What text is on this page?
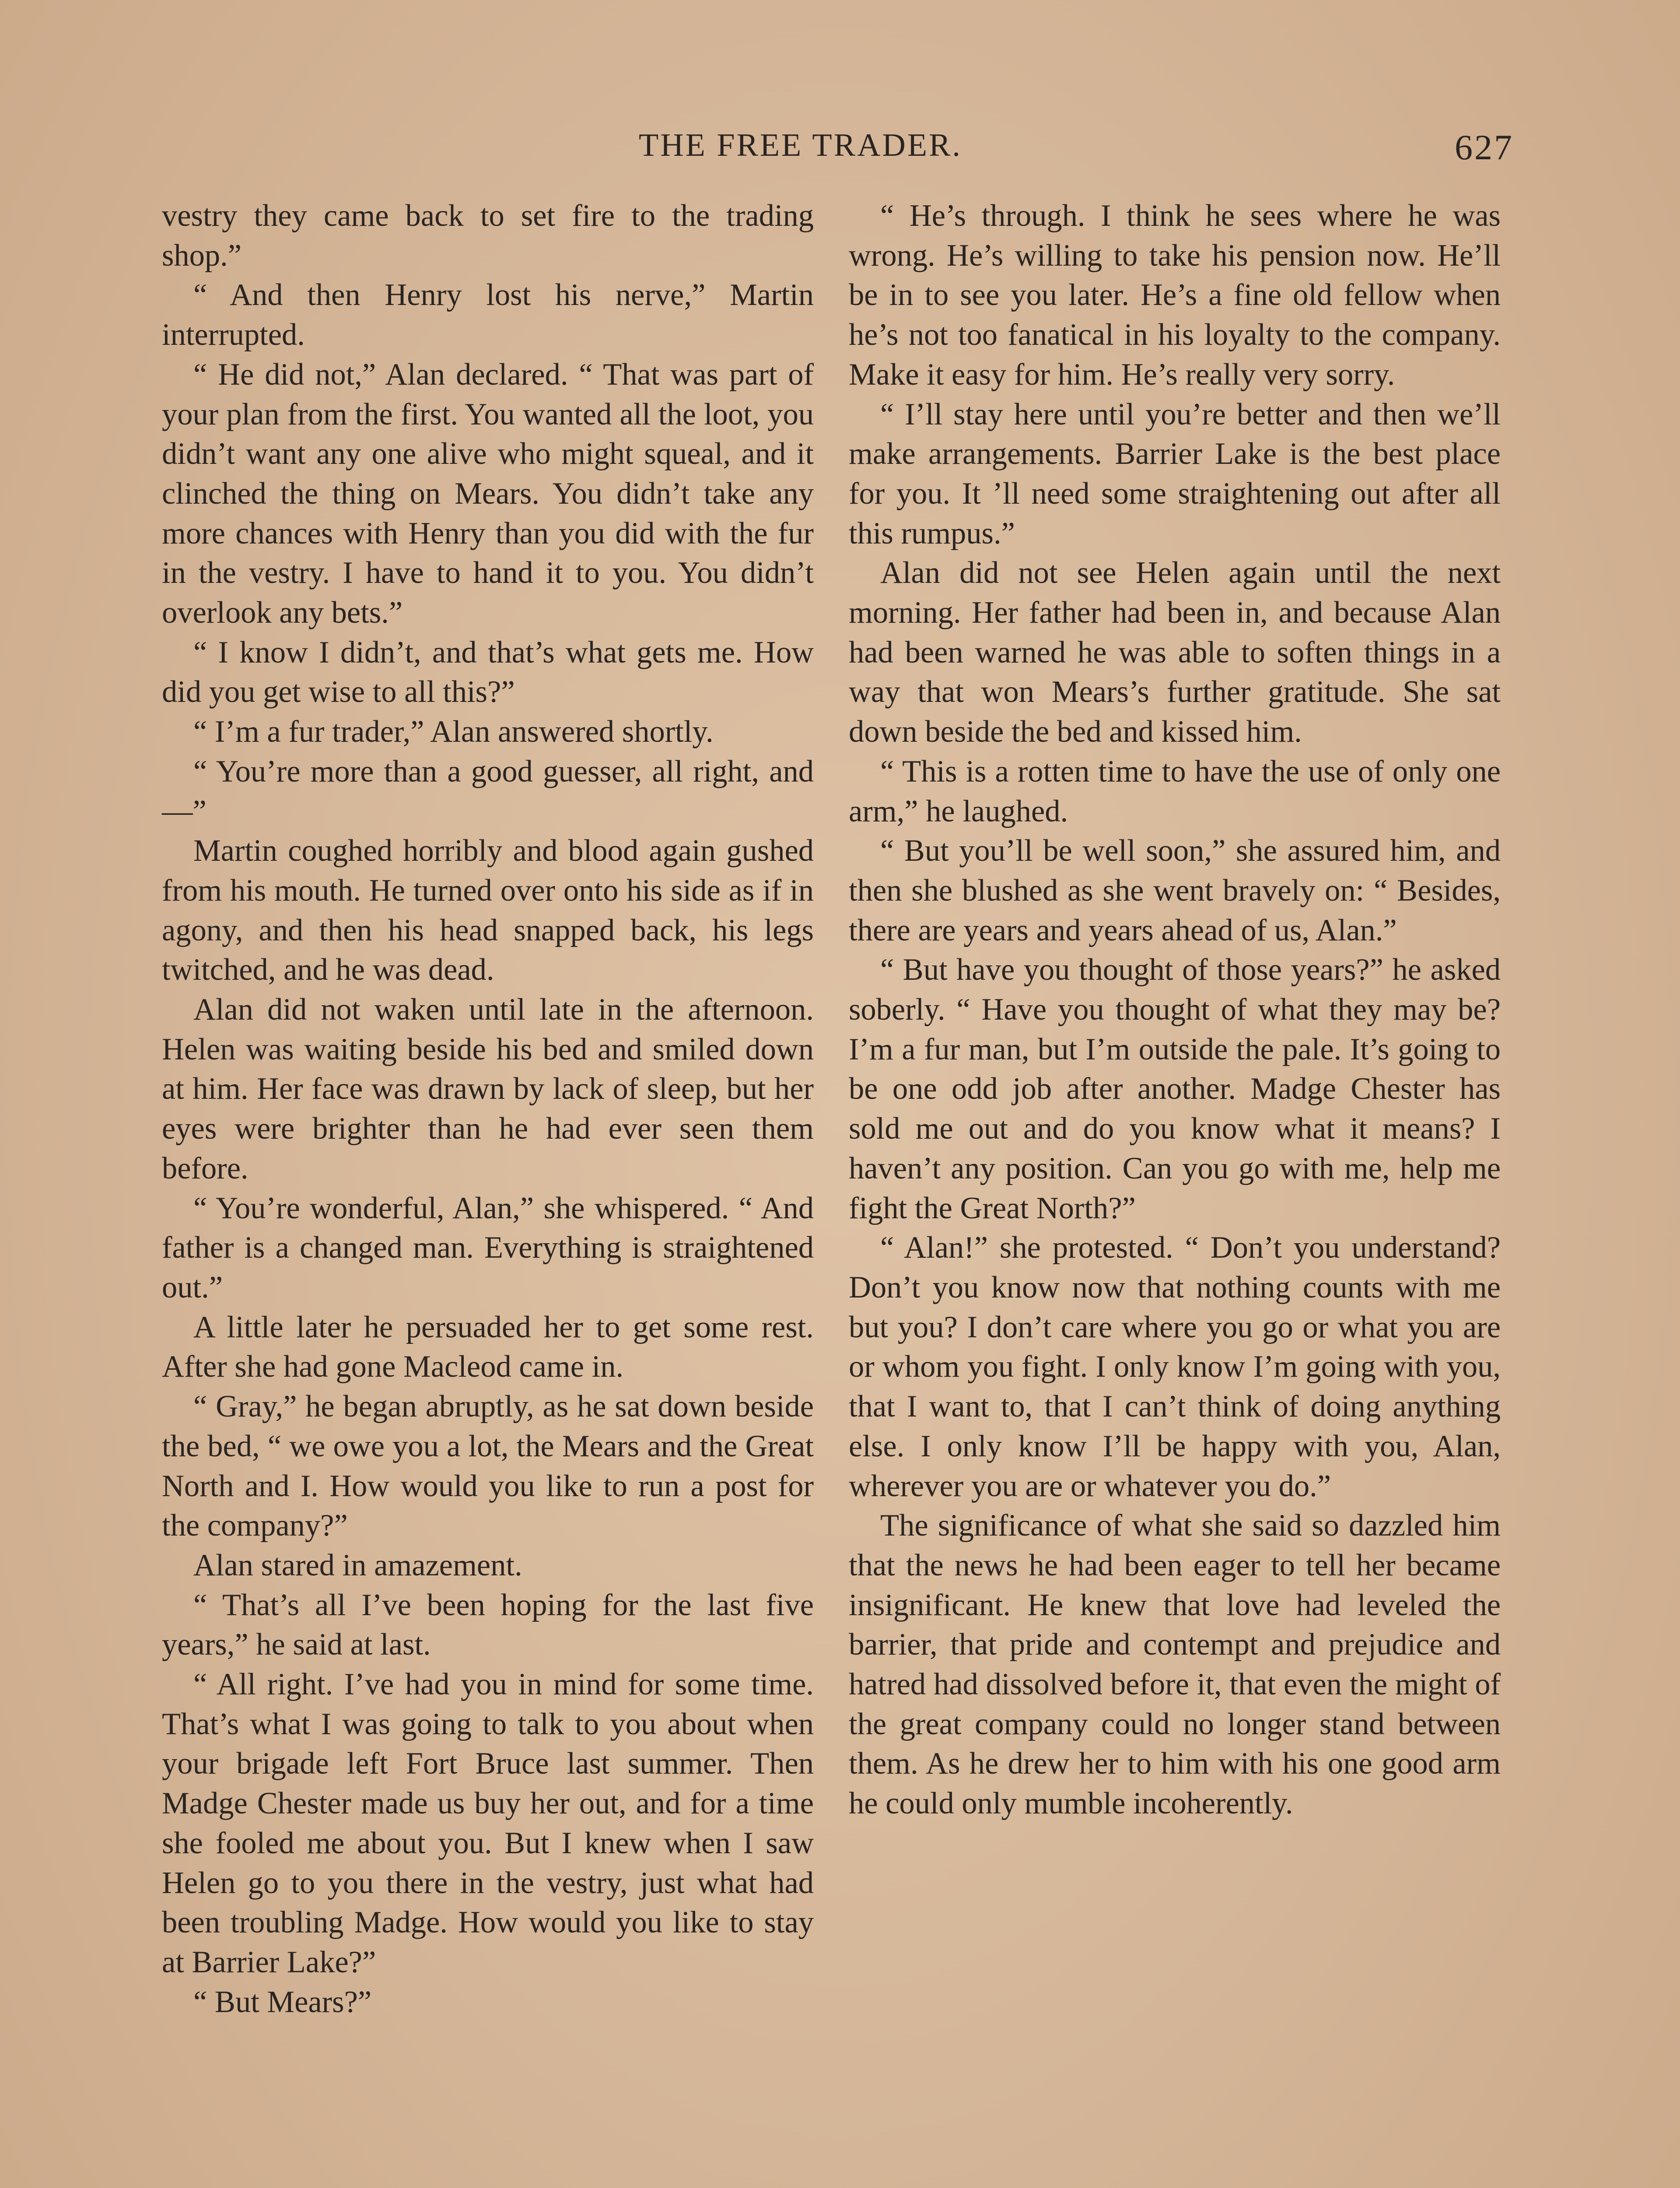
THE FREE TRADER.	627

vestry they came back to set fire to the trading shop.”

“ And then Henry lost his nerve,” Martin interrupted.

“ He did not,” Alan declared. “ That was part of your plan from the first. You wanted all the loot, you didn’t want any one alive who might squeal, and it clinched the thing on Mears. You didn’t take any more chances with Henry than you did with the fur in the vestry. I have to hand it to you. You didn’t overlook any bets.”

“ I know I didn’t, and that’s what gets me. How did you get wise to all this?”

“ I’m a fur trader,” Alan answered shortly.

“ You’re more than a good guesser, all right, and—”

Martin coughed horribly and blood again gushed from his mouth. He turned over onto his side as if in agony, and then his head snapped back, his legs twitched, and he was dead.

Alan did not waken until late in the afternoon. Helen was waiting beside his bed and smiled down at him. Her face was drawn by lack of sleep, but her eyes were brighter than he had ever seen them before.

“ You’re wonderful, Alan,” she whispered. “ And father is a changed man. Everything is straightened out.”

A little later he persuaded her to get some rest. After she had gone Macleod came in.

“ Gray,” he began abruptly, as he sat down beside the bed, “ we owe you a lot, the Mears and the Great North and I. How would you like to run a post for the company?”

Alan stared in amazement.

“ That’s all I’ve been hoping for the last five years,” he said at last.

“ All right. I’ve had you in mind for some time. That’s what I was going to talk to you about when your brigade left Fort Bruce last summer. Then Madge Chester made us buy her out, and for a time she fooled me about you. But I knew when I saw Helen go to you there in the vestry, just what had been troubling Madge. How would you like to stay at Barrier Lake?”

“ But Mears?”

“ He’s through. I think he sees where he was wrong. He’s willing to take his pension now. He’ll be in to see you later. He’s a fine old fellow when he’s not too fanatical in his loyalty to the company. Make it easy for him. He’s really very sorry.

“ I’ll stay here until you’re better and then we’ll make arrangements. Barrier Lake is the best place for you. It ’ll need some straightening out after all this rumpus.”

Alan did not see Helen again until the next morning. Her father had been in, and because Alan had been warned he was able to soften things in a way that won Mears’s further gratitude. She sat down beside the bed and kissed him.

“ This is a rotten time to have the use of only one arm,” he laughed.

“ But you’ll be well soon,” she assured him, and then she blushed as she went bravely on: “ Besides, there are years and years ahead of us, Alan.”

“ But have you thought of those years?” he asked soberly. “ Have you thought of what they may be? I’m a fur man, but I’m outside the pale. It’s going to be one odd job after another. Madge Chester has sold me out and do you know what it means? I haven’t any position. Can you go with me, help me fight the Great North?”

“ Alan!” she protested. “ Don’t you understand? Don’t you know now that nothing counts with me but you? I don’t care where you go or what you are or whom you fight. I only know I’m going with you, that I want to, that I can’t think of doing anything else. I only know I’ll be happy with you, Alan, wherever you are or whatever you do.”

The significance of what she said so dazzled him that the news he had been eager to tell her became insignificant. He knew that love had leveled the barrier, that pride and contempt and prejudice and hatred had dissolved before it, that even the might of the great company could no longer stand between them. As he drew her to him with his one good arm he could only mumble incoherently.
